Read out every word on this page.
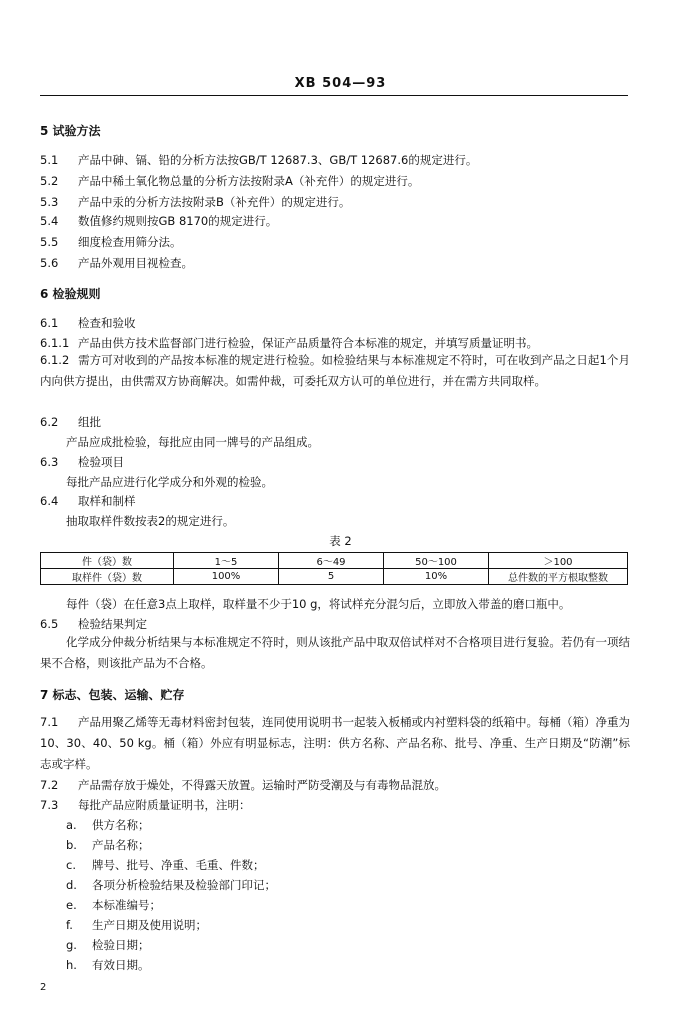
XB 504—93
5 试验方法
5.1 产品中砷、镉、铅的分析方法按GB/T 12687.3、GB/T 12687.6的规定进行。
5.2 产品中稀土氧化物总量的分析方法按附录A（补充件）的规定进行。
5.3 产品中汞的分析方法按附录B（补充件）的规定进行。
5.4 数值修约规则按GB 8170的规定进行。
5.5 细度检查用筛分法。
5.6 产品外观用目视检查。
6 检验规则
6.1 检查和验收
6.1.1 产品由供方技术监督部门进行检验，保证产品质量符合本标准的规定，并填写质量证明书。
6.1.2 需方可对收到的产品按本标准的规定进行检验。如检验结果与本标准规定不符时，可在收到产品之日起1个月内向供方提出，由供需双方协商解决。如需仲裁，可委托双方认可的单位进行，并在需方共同取样。
6.2 组批
产品应成批检验，每批应由同一牌号的产品组成。
6.3 检验项目
每批产品应进行化学成分和外观的检验。
6.4 取样和制样
抽取取样件数按表2的规定进行。
表 2
件（袋）数	1～5	6～49	50～100	＞100
取样件（袋）数	100%	5	10%	总件数的平方根取整数
每件（袋）在任意3点上取样，取样量不少于10 g，将试样充分混匀后，立即放入带盖的磨口瓶中。
6.5 检验结果判定
化学成分仲裁分析结果与本标准规定不符时，则从该批产品中取双倍试样对不合格项目进行复验。若仍有一项结果不合格，则该批产品为不合格。
7 标志、包装、运输、贮存
7.1 产品用聚乙烯等无毒材料密封包装，连同使用说明书一起装入板桶或内衬塑料袋的纸箱中。每桶（箱）净重为10、30、40、50 kg。桶（箱）外应有明显标志，注明：供方名称、产品名称、批号、净重、生产日期及“防潮”标志或字样。
7.2 产品需存放于燥处，不得露天放置。运输时严防受潮及与有毒物品混放。
7.3 每批产品应附质量证明书，注明：
a. 供方名称；
b. 产品名称；
c. 牌号、批号、净重、毛重、件数；
d. 各项分析检验结果及检验部门印记；
e. 本标准编号；
f. 生产日期及使用说明；
g. 检验日期；
h. 有效日期。
2
